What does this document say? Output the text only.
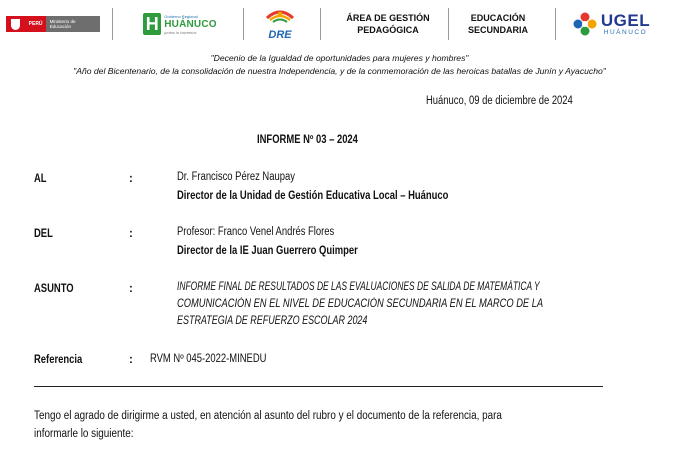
PERÚ	Ministerio de Educación	H	Gobierno Regional
HUÁNUCO
juntos lo hacemos	DRE
ÁREA DE GESTIÓN
PEDAGÓGICA
EDUCACIÓN
SECUNDARIA
UGEL
HUÁNUCO
"Decenio de la Igualdad de oportunidades para mujeres y hombres"
"Año del Bicentenario, de la consolidación de nuestra Independencia, y de la conmemoración de las heroicas batallas de Junín y Ayacucho"
Huánuco, 09 de diciembre de 2024
INFORME Nº 03 – 2024
AL	:	Dr. Francisco Pérez Naupay
Director de la Unidad de Gestión Educativa Local – Huánuco
DEL	:	Profesor: Franco Venel Andrés Flores
Director de la IE Juan Guerrero Quimper
ASUNTO	:	INFORME FINAL DE RESULTADOS DE LAS EVALUACIONES DE SALIDA DE MATEMÁTICA Y
COMUNICACIÓN EN EL NIVEL DE EDUCACIÓN SECUNDARIA EN EL MARCO DE LA
ESTRATEGIA DE REFUERZO ESCOLAR 2024
Referencia	: RVM Nº 045-2022-MINEDU
Tengo el agrado de dirigirme a usted, en atención al asunto del rubro y el documento de la referencia, para
informarle lo siguiente:
